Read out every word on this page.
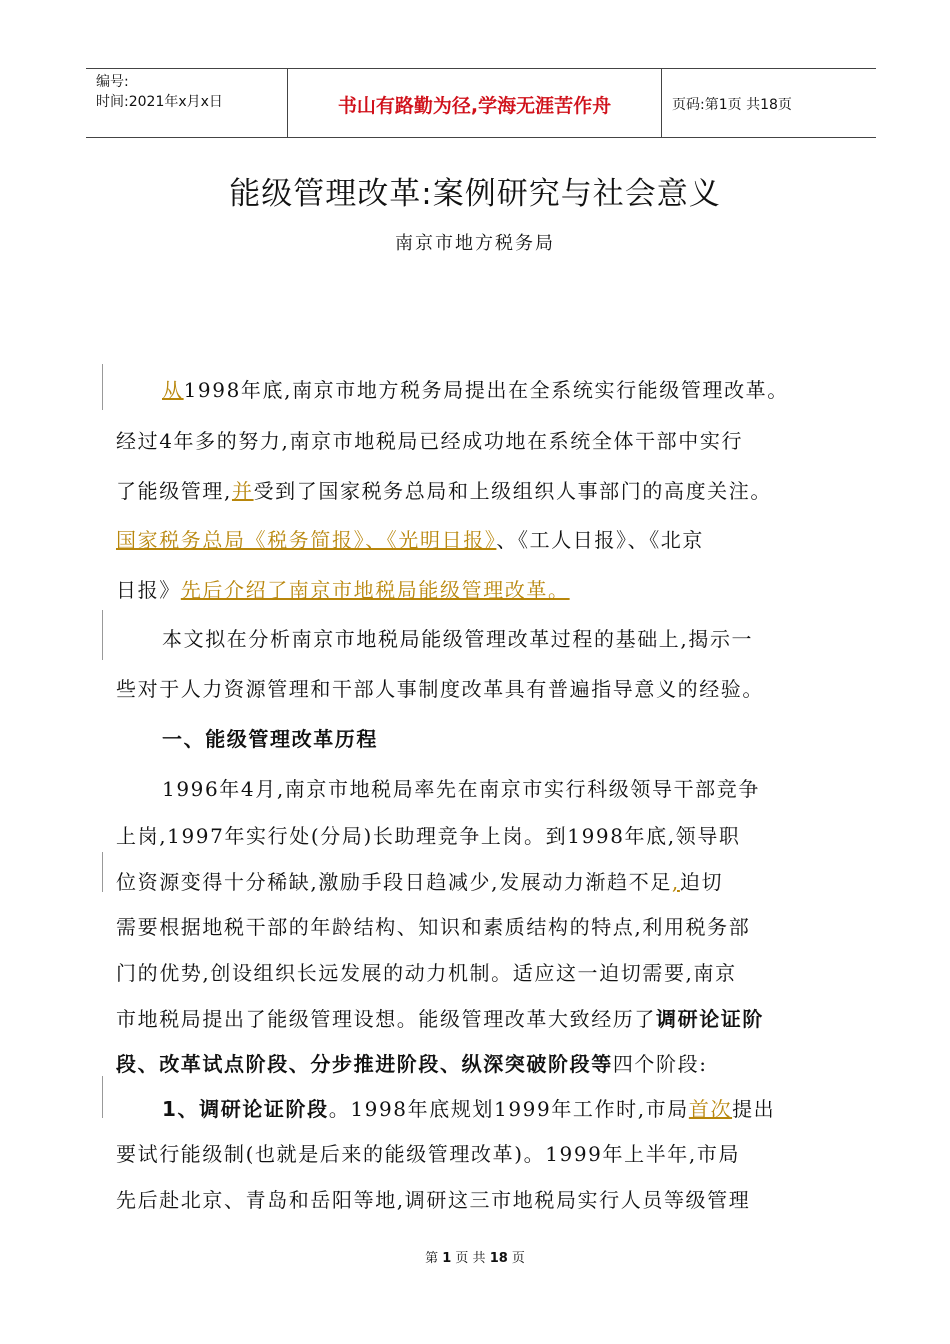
编号:
时间:2021年x月x日	书山有路勤为径,学海无涯苦作舟	页码:第1页 共18页
能级管理改革:案例研究与社会意义
南京市地方税务局
从1998年底,南京市地方税务局提出在全系统实行能级管理改革。
经过4年多的努力,南京市地税局已经成功地在系统全体干部中实行
了能级管理,并受到了国家税务总局和上级组织人事部门的高度关注。
国家税务总局《税务简报》、《光明日报》、《工人日报》、《北京
日报》先后介绍了南京市地税局能级管理改革。
本文拟在分析南京市地税局能级管理改革过程的基础上,揭示一
些对于人力资源管理和干部人事制度改革具有普遍指导意义的经验。
一、能级管理改革历程
1996年4月,南京市地税局率先在南京市实行科级领导干部竞争
上岗,1997年实行处(分局)长助理竞争上岗。到1998年底,领导职
位资源变得十分稀缺,激励手段日趋减少,发展动力渐趋不足,迫切
需要根据地税干部的年龄结构、知识和素质结构的特点,利用税务部
门的优势,创设组织长远发展的动力机制。适应这一迫切需要,南京
市地税局提出了能级管理设想。能级管理改革大致经历了调研论证阶
段、改革试点阶段、分步推进阶段、纵深突破阶段等四个阶段:
1、调研论证阶段。1998年底规划1999年工作时,市局首次提出
要试行能级制(也就是后来的能级管理改革)。1999年上半年,市局
先后赴北京、青岛和岳阳等地,调研这三市地税局实行人员等级管理
第 1 页 共 18 页
